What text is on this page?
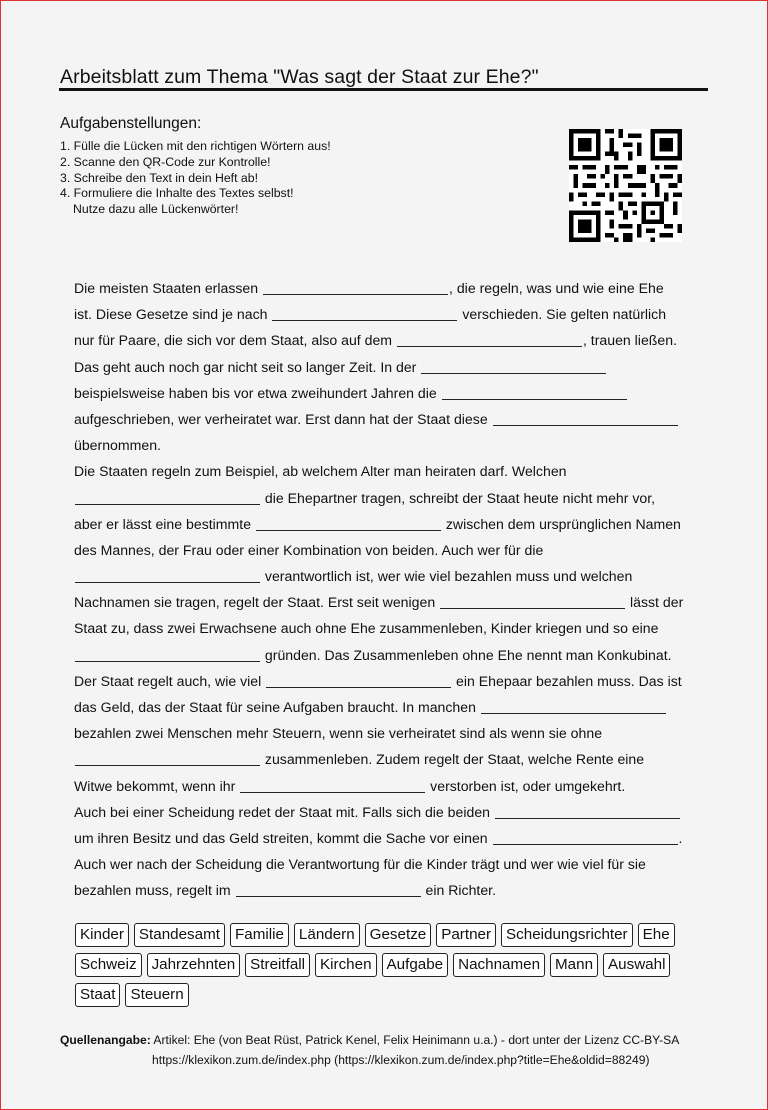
Arbeitsblatt zum Thema "Was sagt der Staat zur Ehe?"
Aufgabenstellungen:
1. Fülle die Lücken mit den richtigen Wörtern aus!
2. Scanne den QR-Code zur Kontrolle!
3. Schreibe den Text in dein Heft ab!
4. Formuliere die Inhalte des Textes selbst!
Nutze dazu alle Lückenwörter!
Die meisten Staaten erlassen	, die regeln, was und wie eine Ehe
ist. Diese Gesetze sind je nach	verschieden. Sie gelten natürlich
nur für Paare, die sich vor dem Staat, also auf dem	, trauen ließen.
Das geht auch noch gar nicht seit so langer Zeit. In der
beispielsweise haben bis vor etwa zweihundert Jahren die
aufgeschrieben, wer verheiratet war. Erst dann hat der Staat diese
übernommen.
Die Staaten regeln zum Beispiel, ab welchem Alter man heiraten darf. Welchen
die Ehepartner tragen, schreibt der Staat heute nicht mehr vor,
aber er lässt eine bestimmte	zwischen dem ursprünglichen Namen
des Mannes, der Frau oder einer Kombination von beiden. Auch wer für die
verantwortlich ist, wer wie viel bezahlen muss und welchen
Nachnamen sie tragen, regelt der Staat. Erst seit wenigen	lässt der
Staat zu, dass zwei Erwachsene auch ohne Ehe zusammenleben, Kinder kriegen und so eine
gründen. Das Zusammenleben ohne Ehe nennt man Konkubinat.
Der Staat regelt auch, wie viel	ein Ehepaar bezahlen muss. Das ist
das Geld, das der Staat für seine Aufgaben braucht. In manchen
bezahlen zwei Menschen mehr Steuern, wenn sie verheiratet sind als wenn sie ohne
zusammenleben. Zudem regelt der Staat, welche Rente eine
Witwe bekommt, wenn ihr	verstorben ist, oder umgekehrt.
Auch bei einer Scheidung redet der Staat mit. Falls sich die beiden
um ihren Besitz und das Geld streiten, kommt die Sache vor einen	.
Auch wer nach der Scheidung die Verantwortung für die Kinder trägt und wer wie viel für sie
bezahlen muss, regelt im	ein Richter.
Kinder Standesamt Familie Ländern Gesetze Partner Scheidungsrichter Ehe
Schweiz Jahrzehnten Streitfall Kirchen Aufgabe Nachnamen Mann Auswahl
Staat Steuern
Quellenangabe: Artikel: Ehe (von Beat Rüst, Patrick Kenel, Felix Heinimann u.a.) - dort unter der Lizenz CC-BY-SA
https://klexikon.zum.de/index.php (https://klexikon.zum.de/index.php?title=Ehe&oldid=88249)
